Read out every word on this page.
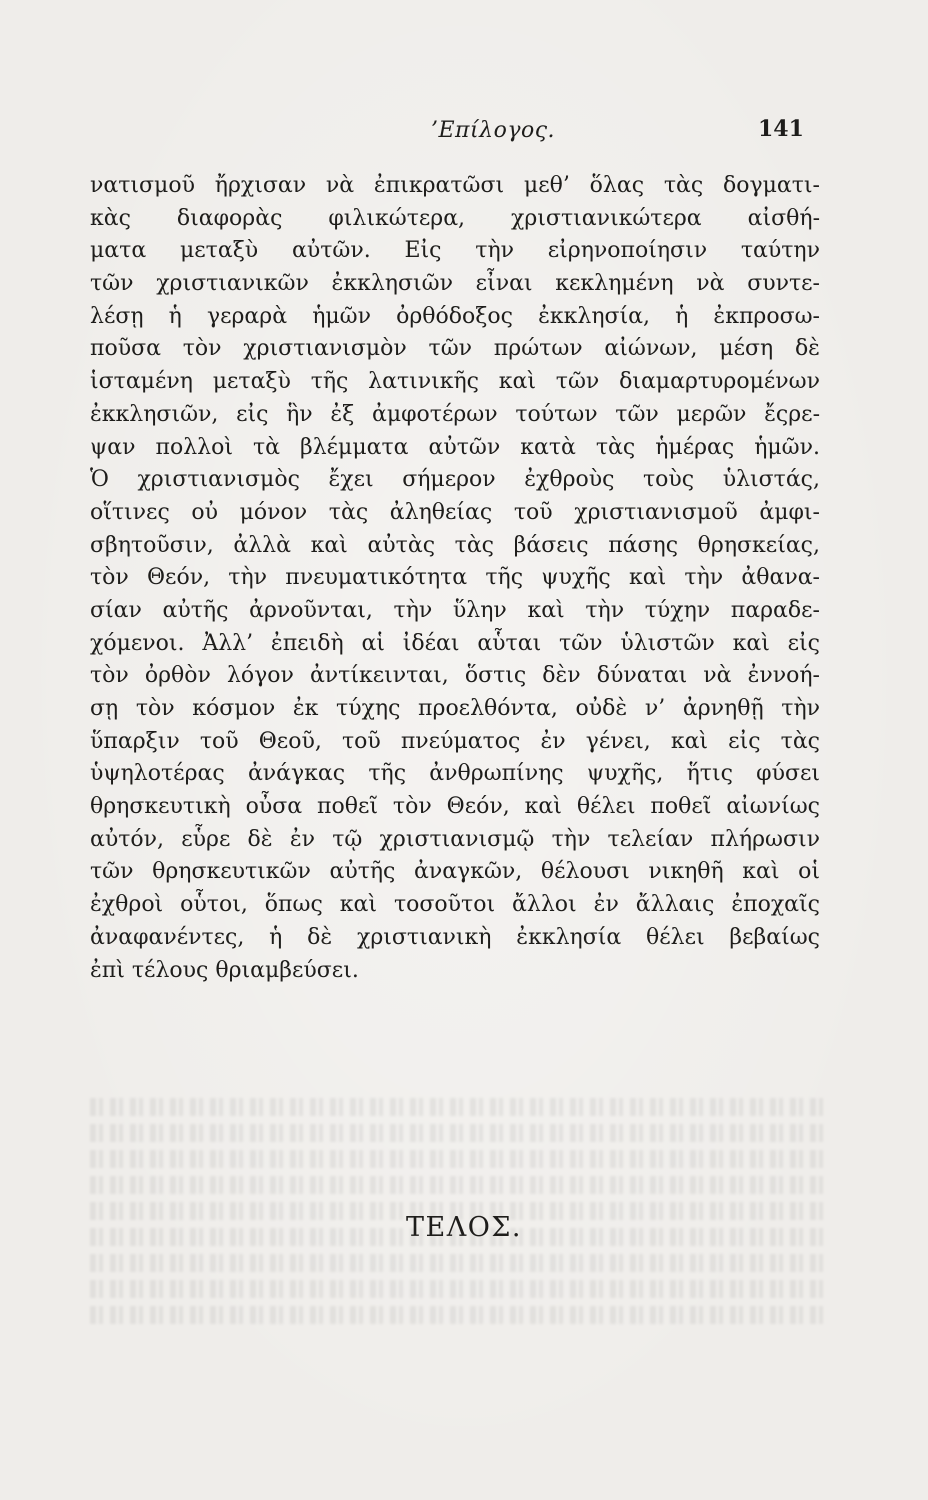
’Επίλογος.	141
νατισμοῦ ἤρχισαν νὰ ἐπικρατῶσι μεθ’ ὅλας τὰς δογματι-
κὰς διαφορὰς φιλικώτερα, χριστιανικώτερα αἰσθή-
ματα μεταξὺ αὐτῶν. Εἰς τὴν εἰρηνοποίησιν ταύτην
τῶν χριστιανικῶν ἐκκλησιῶν εἶναι κεκλημένη νὰ συντε-
λέσῃ ἡ γεραρὰ ἡμῶν ὀρθόδοξος ἐκκλησία, ἡ ἐκπροσω-
ποῦσα τὸν χριστιανισμὸν τῶν πρώτων αἰώνων, μέση δὲ
ἱσταμένη μεταξὺ τῆς λατινικῆς καὶ τῶν διαμαρτυρομένων
ἐκκλησιῶν, εἰς ἣν ἐξ ἀμφοτέρων τούτων τῶν μερῶν ἔςρε-
ψαν πολλοὶ τὰ βλέμματα αὐτῶν κατὰ τὰς ἡμέρας ἡμῶν.
Ὁ χριστιανισμὸς ἔχει σήμερον ἐχθροὺς τοὺς ὑλιστάς,
οἵτινες οὐ μόνον τὰς ἀληθείας τοῦ χριστιανισμοῦ ἀμφι-
σβητοῦσιν, ἀλλὰ καὶ αὐτὰς τὰς βάσεις πάσης θρησκείας,
τὸν Θεόν, τὴν πνευματικότητα τῆς ψυχῆς καὶ τὴν ἀθανα-
σίαν αὐτῆς ἀρνοῦνται, τὴν ὕλην καὶ τὴν τύχην παραδε-
χόμενοι. Ἀλλ’ ἐπειδὴ αἱ ἰδέαι αὗται τῶν ὑλιστῶν καὶ εἰς
τὸν ὀρθὸν λόγον ἀντίκεινται, ὅστις δὲν δύναται νὰ ἐννοή-
σῃ τὸν κόσμον ἐκ τύχης προελθόντα, οὐδὲ ν’ ἀρνηθῇ τὴν
ὕπαρξιν τοῦ Θεοῦ, τοῦ πνεύματος ἐν γένει, καὶ εἰς τὰς
ὑψηλοτέρας ἀνάγκας τῆς ἀνθρωπίνης ψυχῆς, ἥτις φύσει
θρησκευτικὴ οὖσα ποθεῖ τὸν Θεόν, καὶ θέλει ποθεῖ αἰωνίως
αὐτόν, εὗρε δὲ ἐν τῷ χριστιανισμῷ τὴν τελείαν πλήρωσιν
τῶν θρησκευτικῶν αὐτῆς ἀναγκῶν, θέλουσι νικηθῆ καὶ οἱ
ἐχθροὶ οὗτοι, ὅπως καὶ τοσοῦτοι ἄλλοι ἐν ἄλλαις ἐποχαῖς
ἀναφανέντες, ἡ δὲ χριστιανικὴ ἐκκλησία θέλει βεβαίως
ἐπὶ τέλους θριαμβεύσει.
ΤΕΛΟΣ.
